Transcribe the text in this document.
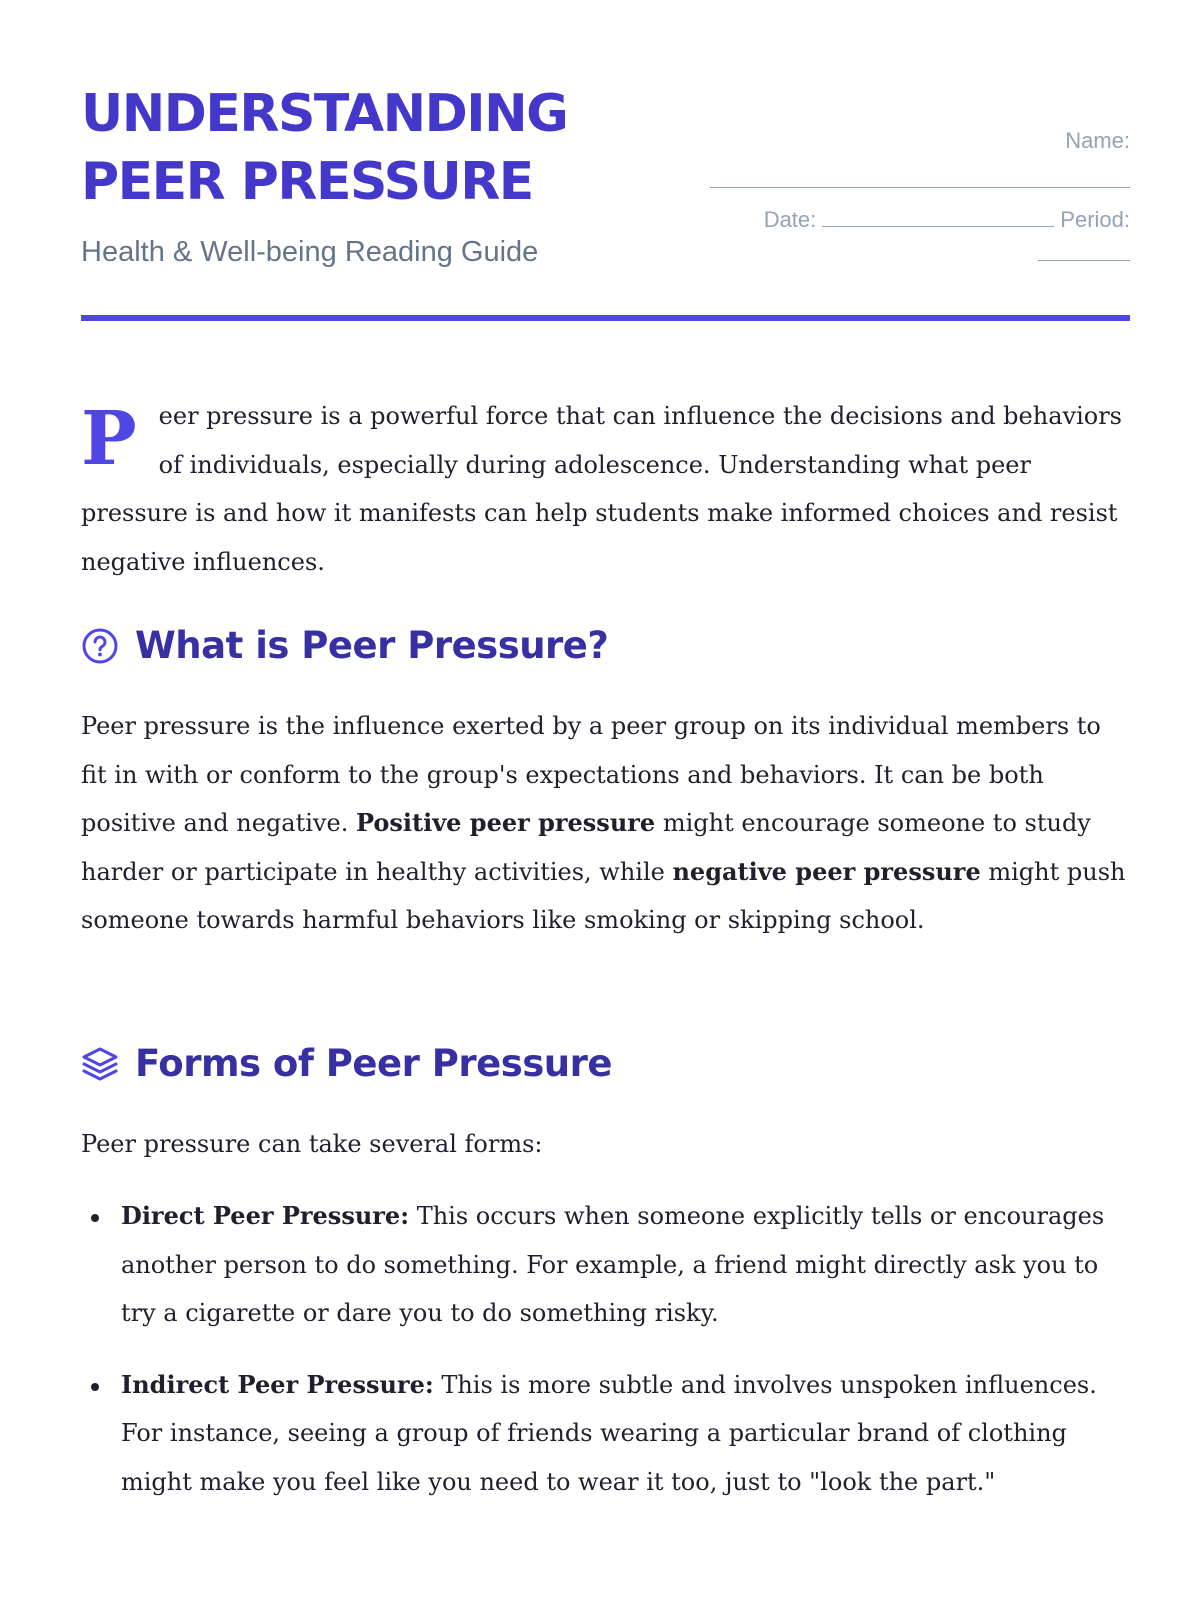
UNDERSTANDING
PEER PRESSURE
Health & Well-being Reading Guide
Name:
Date:	Period:

Peer pressure is a powerful force that can influence the decisions and behaviors of individuals, especially during adolescence. Understanding what peer pressure is and how it manifests can help students make informed choices and resist negative influences.

What is Peer Pressure?

Peer pressure is the influence exerted by a peer group on its individual members to fit in with or conform to the group's expectations and behaviors. It can be both positive and negative. Positive peer pressure might encourage someone to study harder or participate in healthy activities, while negative peer pressure might push someone towards harmful behaviors like smoking or skipping school.

Forms of Peer Pressure

Peer pressure can take several forms:

Direct Peer Pressure: This occurs when someone explicitly tells or encourages another person to do something. For example, a friend might directly ask you to try a cigarette or dare you to do something risky.
Indirect Peer Pressure: This is more subtle and involves unspoken influences. For instance, seeing a group of friends wearing a particular brand of clothing might make you feel like you need to wear it too, just to "look the part."
